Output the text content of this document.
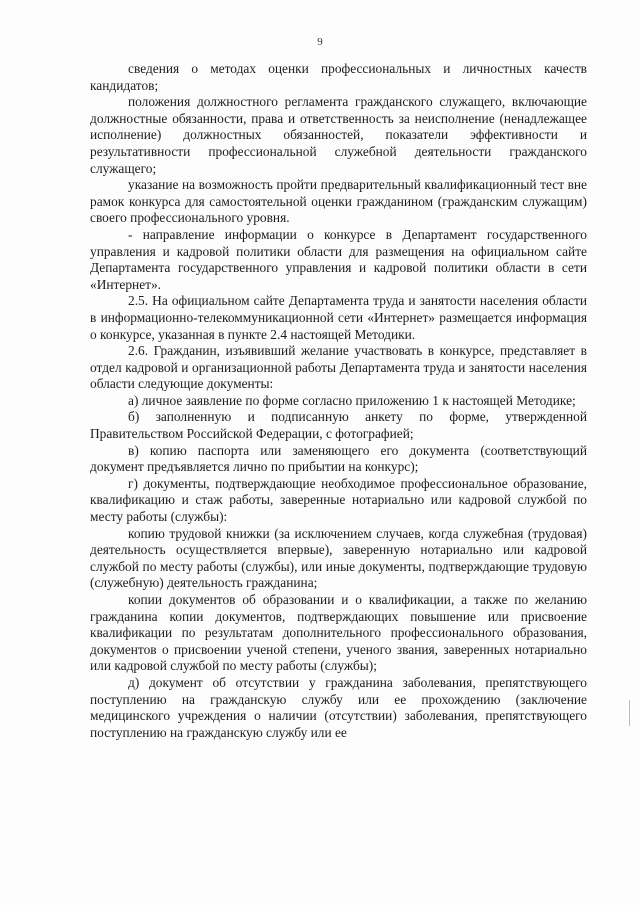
9

сведения о методах оценки профессиональных и личностных качеств кандидатов;

положения должностного регламента гражданского служащего, включающие должностные обязанности, права и ответственность за неисполнение (ненадлежащее исполнение) должностных обязанностей, показатели эффективности и результативности профессиональной служебной деятельности гражданского служащего;

указание на возможность пройти предварительный квалификационный тест вне рамок конкурса для самостоятельной оценки гражданином (гражданским служащим) своего профессионального уровня.

- направление информации о конкурсе в Департамент государственного управления и кадровой политики области для размещения на официальном сайте Департамента государственного управления и кадровой политики области в сети «Интернет».

2.5. На официальном сайте Департамента труда и занятости населения области в информационно-телекоммуникационной сети «Интернет» размещается информация о конкурсе, указанная в пункте 2.4 настоящей Методики.

2.6. Гражданин, изъявивший желание участвовать в конкурсе, представляет в отдел кадровой и организационной работы Департамента труда и занятости населения области следующие документы:

а) личное заявление по форме согласно приложению 1 к настоящей Методике;

б) заполненную и подписанную анкету по форме, утвержденной Правительством Российской Федерации, с фотографией;

в) копию паспорта или заменяющего его документа (соответствующий документ предъявляется лично по прибытии на конкурс);

г) документы, подтверждающие необходимое профессиональное образование, квалификацию и стаж работы, заверенные нотариально или кадровой службой по месту работы (службы):

копию трудовой книжки (за исключением случаев, когда служебная (трудовая) деятельность осуществляется впервые), заверенную нотариально или кадровой службой по месту работы (службы), или иные документы, подтверждающие трудовую (служебную) деятельность гражданина;

копии документов об образовании и о квалификации, а также по желанию гражданина копии документов, подтверждающих повышение или присвоение квалификации по результатам дополнительного профессионального образования, документов о присвоении ученой степени, ученого звания, заверенных нотариально или кадровой службой по месту работы (службы);

д) документ об отсутствии у гражданина заболевания, препятствующего поступлению на гражданскую службу или ее прохождению (заключение медицинского учреждения о наличии (отсутствии) заболевания, препятствующего поступлению на гражданскую службу или ее
